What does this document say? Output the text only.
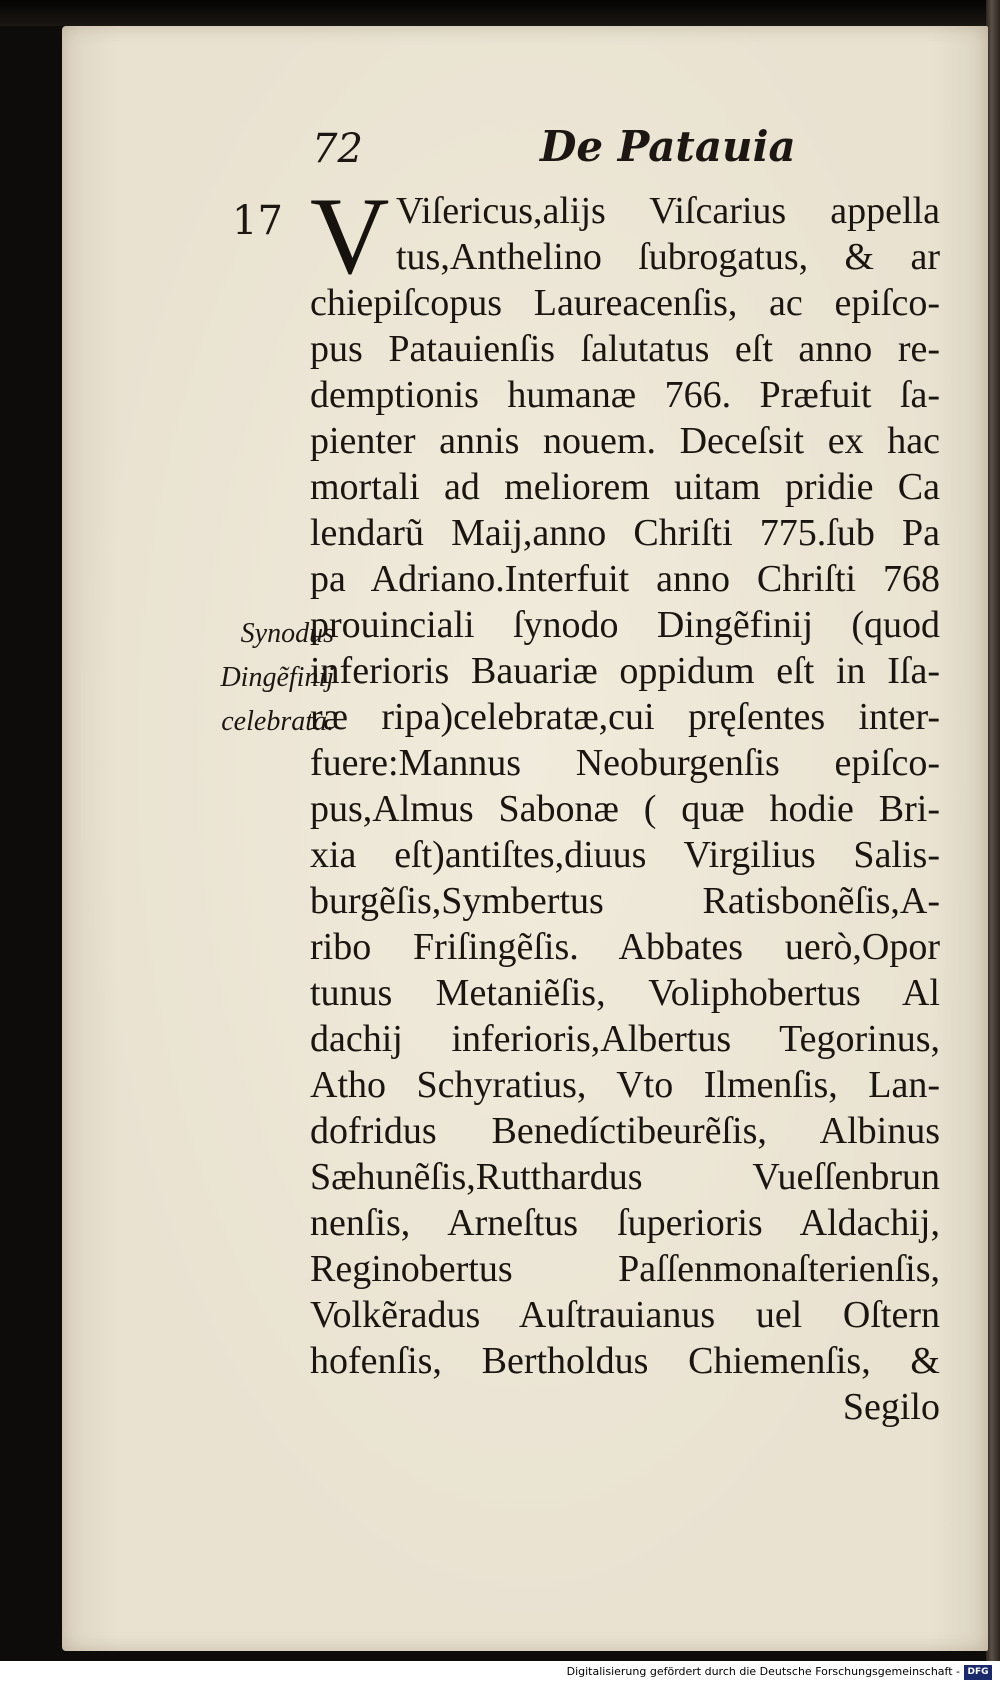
72	De Patauia
17
Synodus
Dingẽfinij
celebrata.
V Viſericus,alijs Viſcarius appella
tus,Anthelino ſubrogatus, & ar
chiepiſcopus Laureacenſis, ac epiſco-
pus Patauienſis ſalutatus eſt anno re-
demptionis humanæ 766. Præfuit ſa-
pienter annis nouem. Deceſsit ex hac
mortali ad meliorem uitam pridie Ca
lendarũ Maij,anno Chriſti 775.ſub Pa
pa Adriano.Interfuit anno Chriſti 768
prouinciali ſynodo Dingẽfinij (quod
inferioris Bauariæ oppidum eſt in Iſa-
ræ ripa)celebratæ,cui pręſentes inter-
fuere:Mannus Neoburgenſis epiſco-
pus,Almus Sabonæ ( quæ hodie Bri-
xia eſt)antiſtes,diuus Virgilius Salis-
burgẽſis,Symbertus Ratisbonẽſis,A-
ribo Friſingẽſis. Abbates uerò,Opor
tunus Metaniẽſis, Voliphobertus Al
dachij inferioris,Albertus Tegorinus,
Atho Schyratius, Vto Ilmenſis, Lan-
dofridus Benedíctibeurẽſis, Albinus
Sæhunẽſis,Rutthardus Vueſſenbrun
nenſis, Arneſtus ſuperioris Aldachij,
Reginobertus Paſſenmonaſterienſis,
Volkẽradus Auſtrauianus uel Oſtern
hofenſis, Bertholdus Chiemenſis, &
Segilo
Digitalisierung gefördert durch die Deutsche Forschungsgemeinschaft - DFG
